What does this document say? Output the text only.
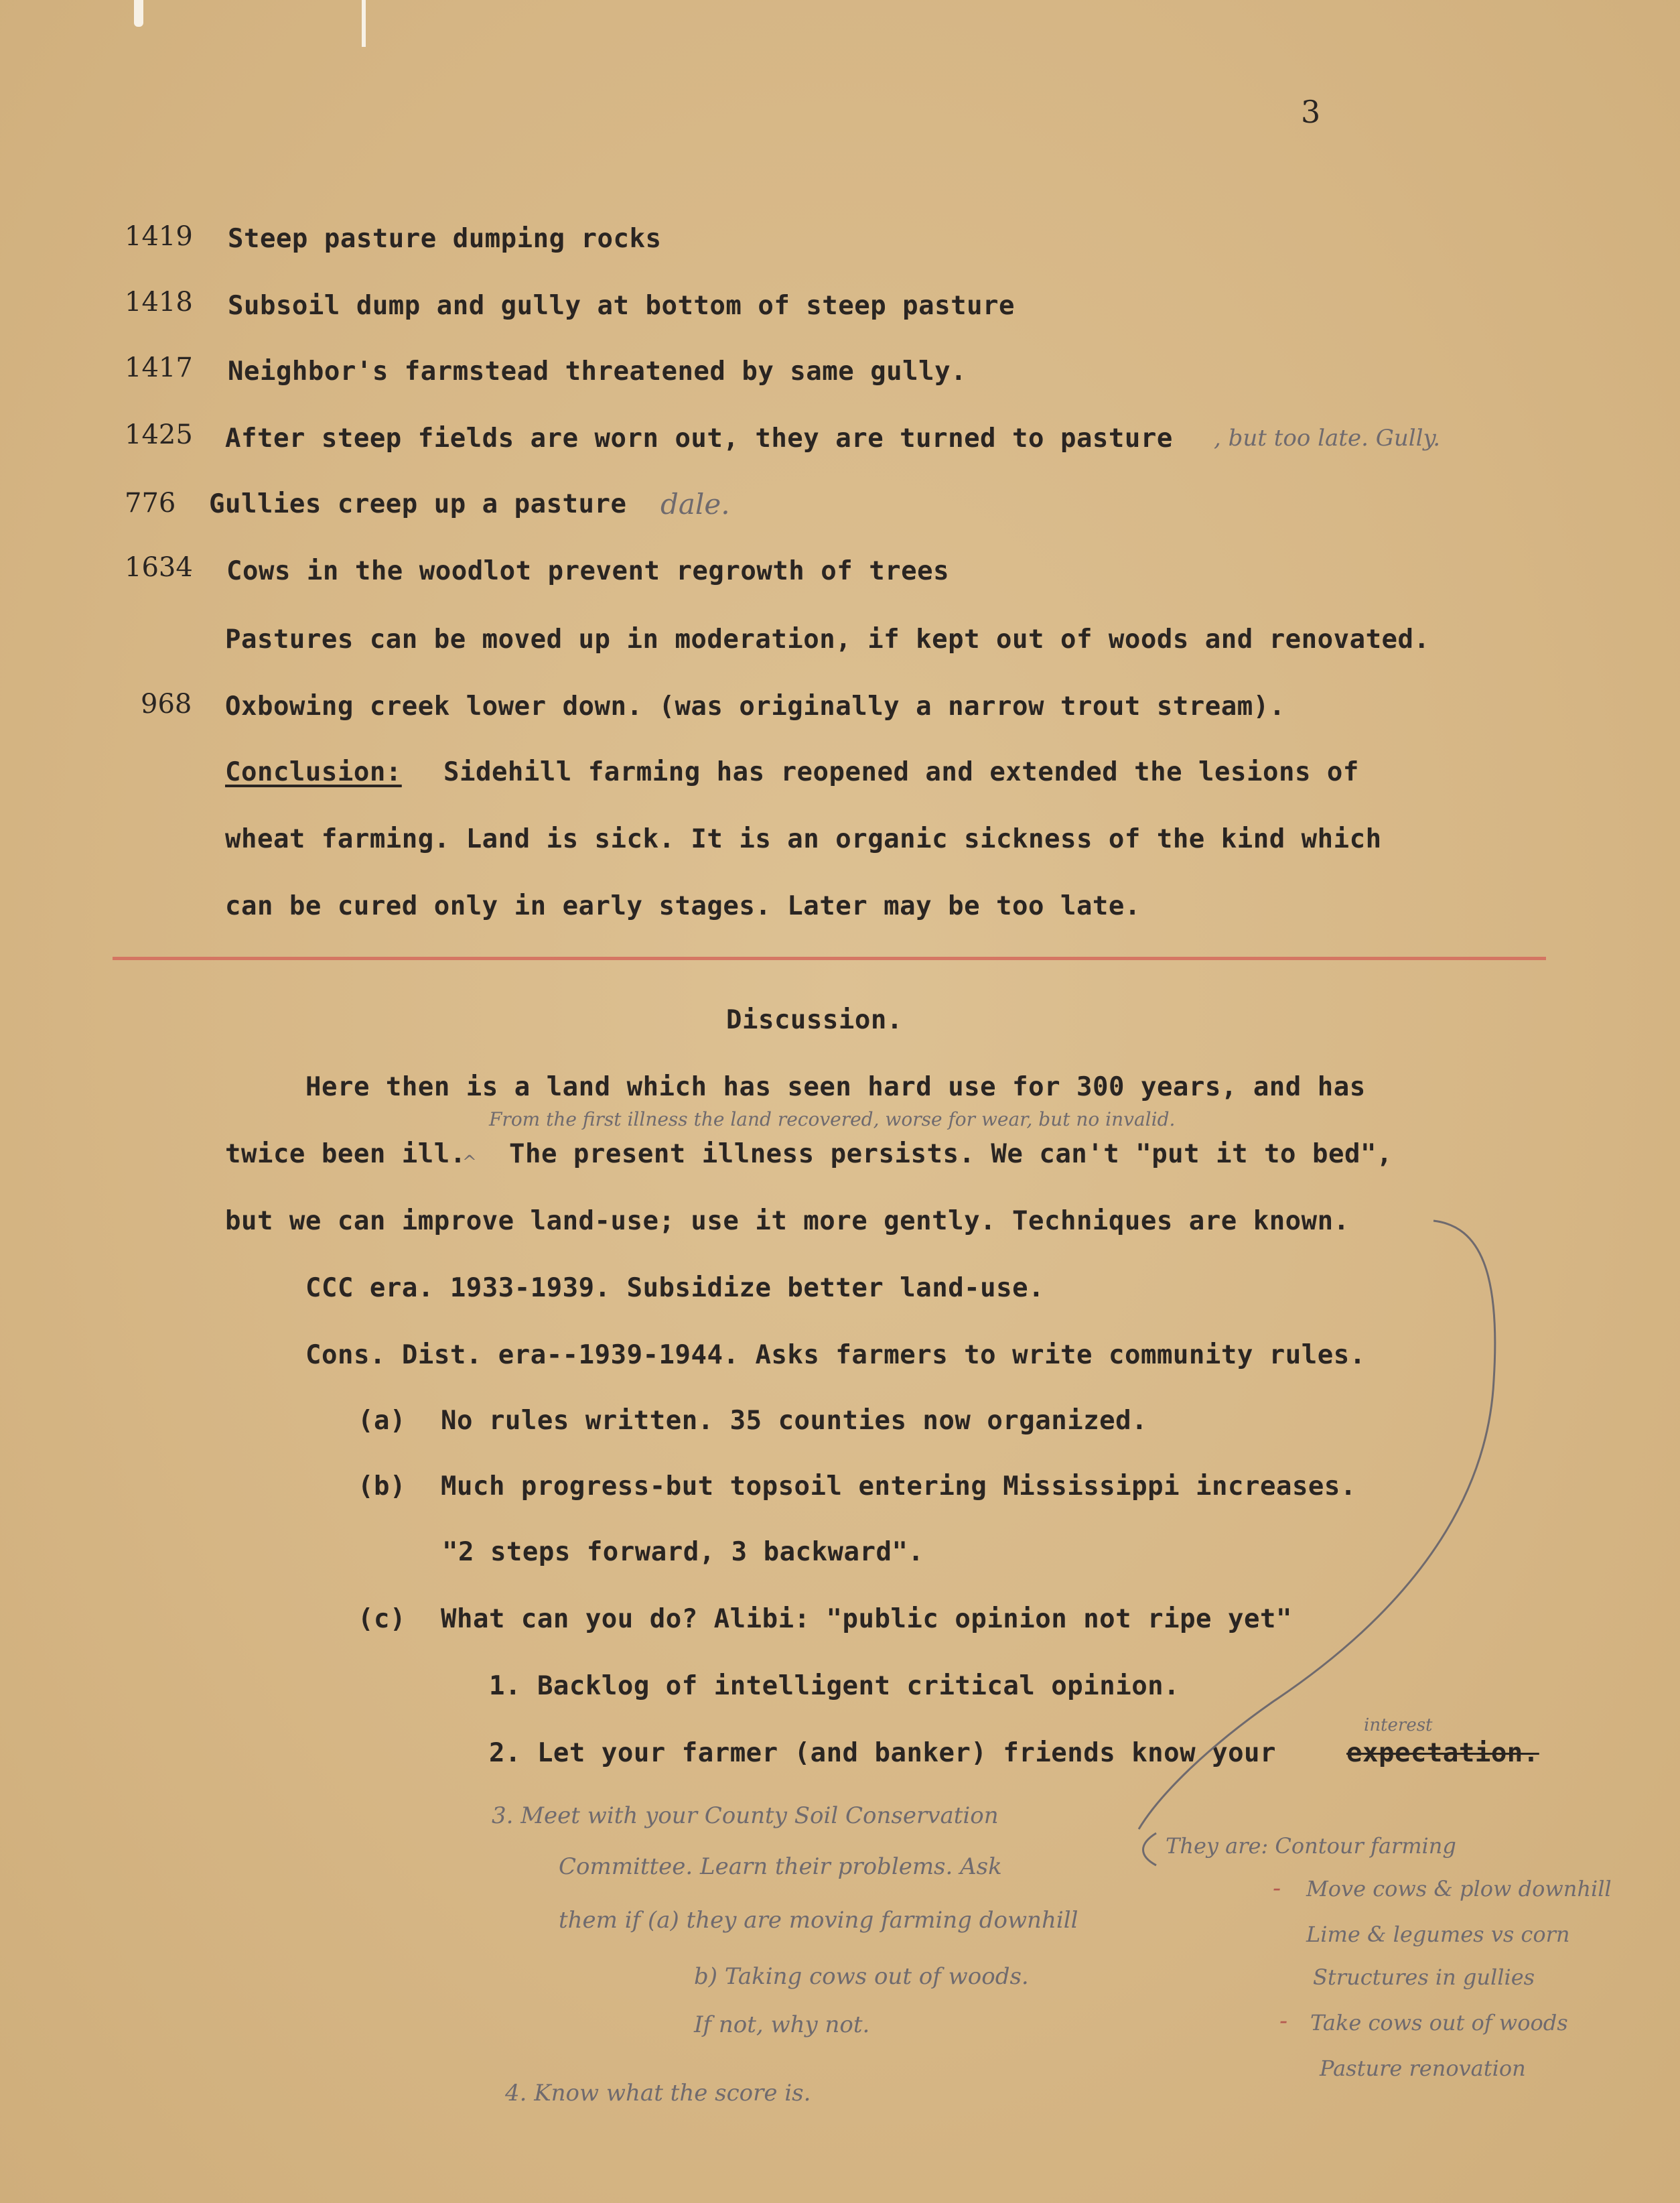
3
1419 Steep pasture dumping rocks
1418 Subsoil dump and gully at bottom of steep pasture
1417 Neighbor's farmstead threatened by same gully.
1425 After steep fields are worn out, they are turned to pasture , but too late. Gully.
776 Gullies creep up a pasture dale.
1634 Cows in the woodlot prevent regrowth of trees
Pastures can be moved up in moderation, if kept out of woods and renovated.
968 Oxbowing creek lower down. (was originally a narrow trout stream).
Conclusion: Sidehill farming has reopened and extended the lesions of
wheat farming. Land is sick. It is an organic sickness of the kind which
can be cured only in early stages. Later may be too late.
Discussion.
Here then is a land which has seen hard use for 300 years, and has
From the first illness the land recovered, worse for wear, but no invalid.
twice been ill.
^ The present illness persists. We can't "put it to bed",
but we can improve land-use; use it more gently. Techniques are known.
CCC era. 1933-1939. Subsidize better land-use.
Cons. Dist. era--1939-1944. Asks farmers to write community rules.
(a) No rules written. 35 counties now organized.
(b) Much progress-but topsoil entering Mississippi increases.
"2 steps forward, 3 backward".
(c) What can you do? Alibi: "public opinion not ripe yet"
1. Backlog of intelligent critical opinion.
2. Let your farmer (and banker) friends know your	expectation.
interest
3. Meet with your County Soil Conservation
Committee. Learn their problems. Ask
them if (a) they are moving farming downhill
b) Taking cows out of woods.
If not, why not.
4. Know what the score is.
They are: Contour farming
- Move cows & plow downhill
Lime & legumes vs corn
Structures in gullies
- Take cows out of woods
Pasture renovation
